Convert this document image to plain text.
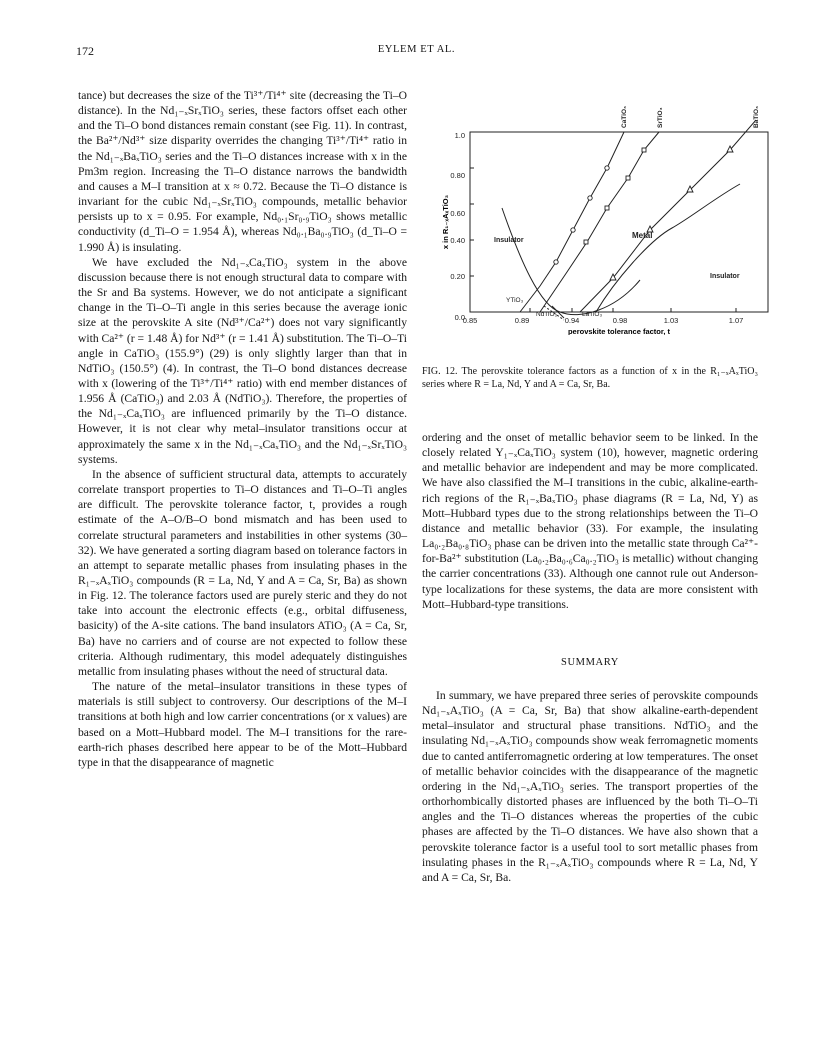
172	EYLEM ET AL.

tance) but decreases the size of the Ti³⁺/Ti⁴⁺ site (decreasing the Ti–O distance). In the Nd₁₋ₓSrₓTiO₃ series, these factors offset each other and the Ti–O bond distances remain constant (see Fig. 11). In contrast, the Ba²⁺/Nd³⁺ size disparity overrides the changing Ti³⁺/Ti⁴⁺ ratio in the Nd₁₋ₓBaₓTiO₃ series and the Ti–O distances increase with x in the Pm3m region. Increasing the Ti–O distance narrows the bandwidth and causes a M–I transition at x ≈ 0.72. Because the Ti–O distance is invariant for the cubic Nd₁₋ₓSrₓTiO₃ compounds, metallic behavior persists up to x = 0.95. For example, Nd₀.₁Sr₀.₉TiO₃ shows metallic conductivity (d_Ti–O = 1.954 Å), whereas Nd₀.₁Ba₀.₉TiO₃ (d_Ti–O = 1.990 Å) is insulating.

We have excluded the Nd₁₋ₓCaₓTiO₃ system in the above discussion because there is not enough structural data to compare with the Sr and Ba systems. However, we do not anticipate a significant change in the Ti–O–Ti angle in this series because the average ionic size at the perovskite A site (Nd³⁺/Ca²⁺) does not vary significantly with Ca²⁺ (r = 1.48 Å) for Nd³⁺ (r = 1.41 Å) substitution. The Ti–O–Ti angle in CaTiO₃ (155.9°) (29) is only slightly larger than that in NdTiO₃ (150.5°) (4). In contrast, the Ti–O bond distances decrease with x (lowering of the Ti³⁺/Ti⁴⁺ ratio) with end member distances of 1.956 Å (CaTiO₃) and 2.03 Å (NdTiO₃). Therefore, the properties of the Nd₁₋ₓCaₓTiO₃ are influenced primarily by the Ti–O distance. However, it is not clear why metal–insulator transitions occur at approximately the same x in the Nd₁₋ₓCaₓTiO₃ and the Nd₁₋ₓSrₓTiO₃ systems.

In the absence of sufficient structural data, attempts to accurately correlate transport properties to Ti–O distances and Ti–O–Ti angles are difficult. The perovskite tolerance factor, t, provides a rough estimate of the A–O/B–O bond mismatch and has been used to correlate structural parameters and instabilities in other systems (30–32). We have generated a sorting diagram based on tolerance factors in an attempt to separate metallic phases from insulating phases in the R₁₋ₓAₓTiO₃ compounds (R = La, Nd, Y and A = Ca, Sr, Ba) as shown in Fig. 12. The tolerance factors used are purely steric and they do not take into account the electronic effects (e.g., orbital diffuseness, basicity) of the A-site cations. The band insulators ATiO₃ (A = Ca, Sr, Ba) have no carriers and of course are not expected to follow these criteria. Although rudimentary, this model adequately distinguishes metallic from insulating phases without the need of structural data.

The nature of the metal–insulator transitions in these types of materials is still subject to controversy. Our descriptions of the M–I transitions at both high and low carrier concentrations (or x values) are based on a Mott–Hubbard model. The M–I transitions for the rare-earth-rich phases described here appear to be of the Mott–Hubbard type in that the disappearance of magnetic

0.0
0.20
0.40
0.60
0.80
1.0
0.85	0.89	0.94	0.98	1.03	1.07
perovskite tolerance factor, t
x in R₁₋ₓAₓTiO₃
CaTiO₃	SrTiO₃	BaTiO₃
YTiO₃
NdTiO₃	LaTiO₃
Insulator
Metal
Insulator
FIG. 12. The perovskite tolerance factors as a function of x in the R₁₋ₓAₓTiO₃ series where R = La, Nd, Y and A = Ca, Sr, Ba.

ordering and the onset of metallic behavior seem to be linked. In the closely related Y₁₋ₓCaₓTiO₃ system (10), however, magnetic ordering and metallic behavior are independent and may be more complicated. We have also classified the M–I transitions in the cubic, alkaline-earth-rich regions of the R₁₋ₓBaₓTiO₃ phase diagrams (R = La, Nd, Y) as Mott–Hubbard types due to the strong relationships between the Ti–O distance and metallic behavior (33). For example, the insulating La₀.₂Ba₀.₈TiO₃ phase can be driven into the metallic state through Ca²⁺-for-Ba²⁺ substitution (La₀.₂Ba₀.₆Ca₀.₂TiO₃ is metallic) without changing the carrier concentrations (33). Although one cannot rule out Anderson-type localizations for these systems, the data are more consistent with Mott–Hubbard-type transitions.

SUMMARY

In summary, we have prepared three series of perovskite compounds Nd₁₋ₓAₓTiO₃ (A = Ca, Sr, Ba) that show alkaline-earth-dependent metal–insulator and structural phase transitions. NdTiO₃ and the insulating Nd₁₋ₓAₓTiO₃ compounds show weak ferromagnetic moments due to canted antiferromagnetic ordering at low temperatures. The onset of metallic behavior coincides with the disappearance of the magnetic ordering in the Nd₁₋ₓAₓTiO₃ series. The transport properties of the orthorhombically distorted phases are influenced by the both Ti–O–Ti angles and the Ti–O distances whereas the properties of the cubic phases are affected by the Ti–O distances. We have also shown that a perovskite tolerance factor is a useful tool to sort metallic phases from insulating phases in the R₁₋ₓAₓTiO₃ compounds where R = La, Nd, Y and A = Ca, Sr, Ba.
